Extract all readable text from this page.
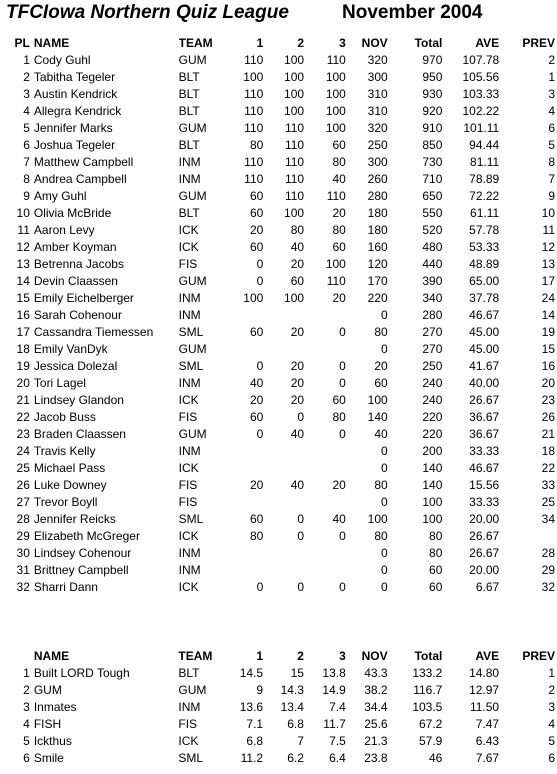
TFCIowa Northern Quiz League	November 2004
PL	NAME	TEAM	1	2	3	NOV	Total	AVE	PREV
1	Cody Guhl	GUM	110	100	110	320	970	107.78	2
2	Tabitha Tegeler	BLT	100	100	100	300	950	105.56	1
3	Austin Kendrick	BLT	110	100	100	310	930	103.33	3
4	Allegra Kendrick	BLT	110	100	100	310	920	102.22	4
5	Jennifer Marks	GUM	110	110	100	320	910	101.11	6
6	Joshua Tegeler	BLT	80	110	60	250	850	94.44	5
7	Matthew Campbell	INM	110	110	80	300	730	81.11	8
8	Andrea Campbell	INM	110	110	40	260	710	78.89	7
9	Amy Guhl	GUM	60	110	110	280	650	72.22	9
10	Olivia McBride	BLT	60	100	20	180	550	61.11	10
11	Aaron Levy	ICK	20	80	80	180	520	57.78	11
12	Amber Koyman	ICK	60	40	60	160	480	53.33	12
13	Betrenna Jacobs	FIS	0	20	100	120	440	48.89	13
14	Devin Claassen	GUM	0	60	110	170	390	65.00	17
15	Emily Eichelberger	INM	100	100	20	220	340	37.78	24
16	Sarah Cohenour	INM				0	280	46.67	14
17	Cassandra Tiemessen	SML	60	20	0	80	270	45.00	19
18	Emily VanDyk	GUM				0	270	45.00	15
19	Jessica Dolezal	SML	0	20	0	20	250	41.67	16
20	Tori Lagel	INM	40	20	0	60	240	40.00	20
21	Lindsey Glandon	ICK	20	20	60	100	240	26.67	23
22	Jacob Buss	FIS	60	0	80	140	220	36.67	26
23	Braden Claassen	GUM	0	40	0	40	220	36.67	21
24	Travis Kelly	INM				0	200	33.33	18
25	Michael Pass	ICK				0	140	46.67	22
26	Luke Downey	FIS	20	40	20	80	140	15.56	33
27	Trevor Boyll	FIS				0	100	33.33	25
28	Jennifer Reicks	SML	60	0	40	100	100	20.00	34
29	Elizabeth McGreger	ICK	80	0	0	80	80	26.67	
30	Lindsey Cohenour	INM				0	80	26.67	28
31	Brittney Campbell	INM				0	60	20.00	29
32	Sharri Dann	ICK	0	0	0	0	60	6.67	32
	NAME	TEAM	1	2	3	NOV	Total	AVE	PREV
1	Built LORD Tough	BLT	14.5	15	13.8	43.3	133.2	14.80	1
2	GUM	GUM	9	14.3	14.9	38.2	116.7	12.97	2
3	Inmates	INM	13.6	13.4	7.4	34.4	103.5	11.50	3
4	FISH	FIS	7.1	6.8	11.7	25.6	67.2	7.47	4
5	Ickthus	ICK	6.8	7	7.5	21.3	57.9	6.43	5
6	Smile	SML	11.2	6.2	6.4	23.8	46	7.67	6
